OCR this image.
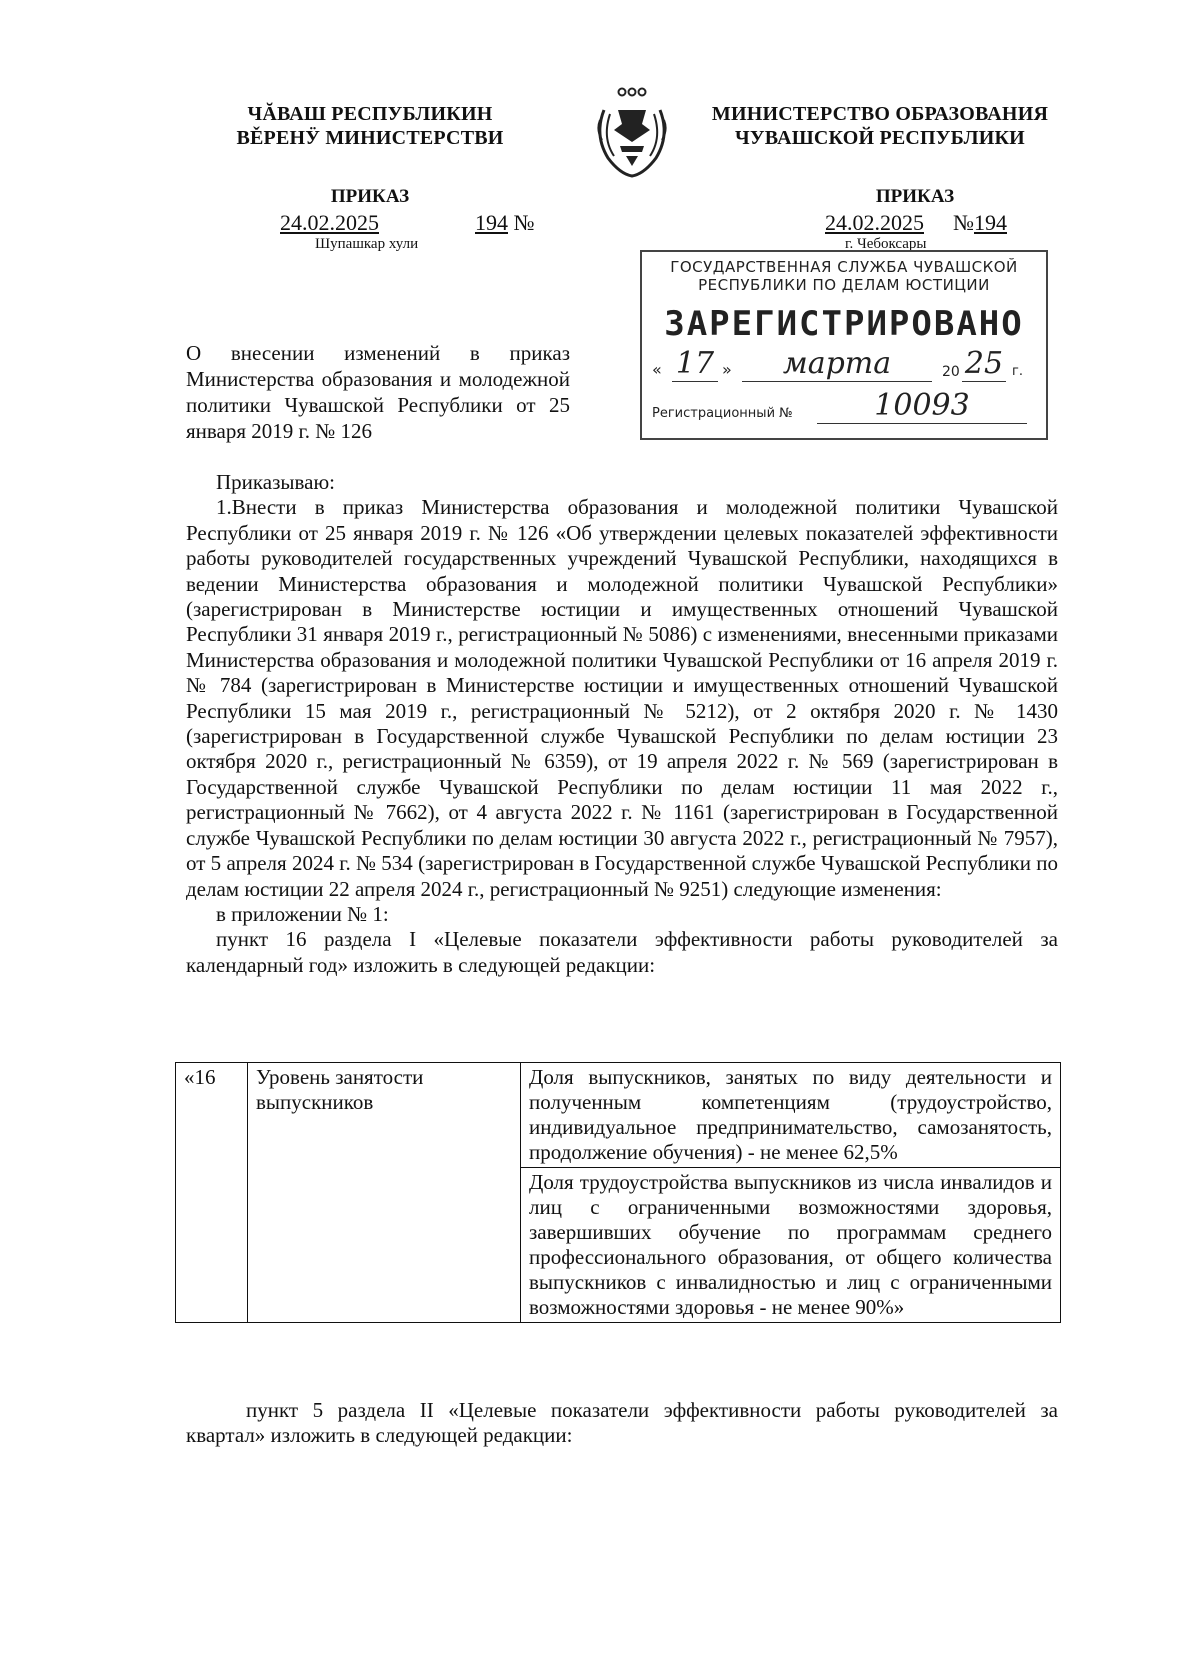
ЧĂВАШ РЕСПУБЛИКИН
ВĚРЕНӰ МИНИСТЕРСТВИ
МИНИСТЕРСТВО ОБРАЗОВАНИЯ
ЧУВАШСКОЙ РЕСПУБЛИКИ
ПРИКАЗ
24.02.2025	194 №
Шупашкар хули
ПРИКАЗ
24.02.2025 №194
г. Чебоксары
ГОСУДАРСТВЕННАЯ СЛУЖБА ЧУВАШСКОЙ
РЕСПУБЛИКИ ПО ДЕЛАМ ЮСТИЦИИ
ЗАРЕГИСТРИРОВАНО
« 17 »	марта	20 25 г.
Регистрационный №	10093
О внесении изменений в приказ Министерства образования и молодежной политики Чувашской Республики от 25 января 2019 г. № 126

Приказываю:

1.Внести в приказ Министерства образования и молодежной политики Чувашской Республики от 25 января 2019 г. № 126 «Об утверждении целевых показателей эффективности работы руководителей государственных учреждений Чувашской Республики, находящихся в ведении Министерства образования и молодежной политики Чувашской Республики» (зарегистрирован в Министерстве юстиции и имущественных отношений Чувашской Республики 31 января 2019 г., регистрационный № 5086) с изменениями, внесенными приказами Министерства образования и молодежной политики Чувашской Республики от 16 апреля 2019 г. № 784 (зарегистрирован в Министерстве юстиции и имущественных отношений Чувашской Республики 15 мая 2019 г., регистрационный № 5212), от 2 октября 2020 г. № 1430 (зарегистрирован в Государственной службе Чувашской Республики по делам юстиции 23 октября 2020 г., регистрационный № 6359), от 19 апреля 2022 г. № 569 (зарегистрирован в Государственной службе Чувашской Республики по делам юстиции 11 мая 2022 г., регистрационный № 7662), от 4 августа 2022 г. № 1161 (зарегистрирован в Государственной службе Чувашской Республики по делам юстиции 30 августа 2022 г., регистрационный № 7957), от 5 апреля 2024 г. № 534 (зарегистрирован в Государственной службе Чувашской Республики по делам юстиции 22 апреля 2024 г., регистрационный № 9251) следующие изменения:

в приложении № 1:

пункт 16 раздела I «Целевые показатели эффективности работы руководителей за календарный год» изложить в следующей редакции:

«16	Уровень занятости выпускников	Доля выпускников, занятых по виду деятельности и полученным компетенциям (трудоустройство, индивидуальное предпринимательство, самозанятость, продолжение обучения) - не менее 62,5%
Доля трудоустройства выпускников из числа инвалидов и лиц с ограниченными возможностями здоровья, завершивших обучение по программам среднего профессионального образования, от общего количества выпускников с инвалидностью и лиц с ограниченными возможностями здоровья - не менее 90%»
пункт 5 раздела II «Целевые показатели эффективности работы руководителей за квартал» изложить в следующей редакции:
